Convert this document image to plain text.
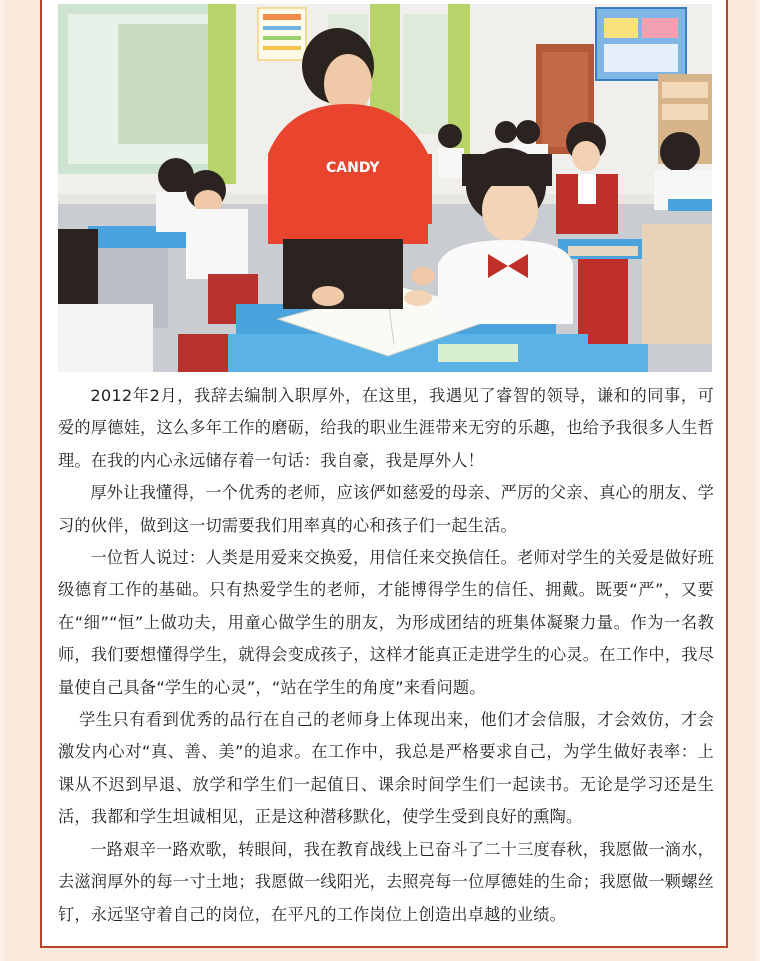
CANDY

2012年2月，我辞去编制入职厚外，在这里，我遇见了睿智的领导，谦和的同事，可爱的厚德娃，这么多年工作的磨砺，给我的职业生涯带来无穷的乐趣，也给予我很多人生哲理。在我的内心永远储存着一句话：我自豪，我是厚外人！

厚外让我懂得，一个优秀的老师，应该俨如慈爱的母亲、严厉的父亲、真心的朋友、学习的伙伴，做到这一切需要我们用率真的心和孩子们一起生活。

一位哲人说过：人类是用爱来交换爱，用信任来交换信任。老师对学生的关爱是做好班级德育工作的基础。只有热爱学生的老师，才能博得学生的信任、拥戴。既要“严”，又要在“细”“恒”上做功夫，用童心做学生的朋友，为形成团结的班集体凝聚力量。作为一名教师，我们要想懂得学生，就得会变成孩子，这样才能真正走进学生的心灵。在工作中，我尽量使自己具备“学生的心灵”，“站在学生的角度”来看问题。

学生只有看到优秀的品行在自己的老师身上体现出来，他们才会信服，才会效仿，才会激发内心对“真、善、美”的追求。在工作中，我总是严格要求自己，为学生做好表率：上课从不迟到早退、放学和学生们一起值日、课余时间学生们一起读书。无论是学习还是生活，我都和学生坦诚相见，正是这种潜移默化，使学生受到良好的熏陶。

一路艰辛一路欢歌，转眼间，我在教育战线上已奋斗了二十三度春秋，我愿做一滴水，去滋润厚外的每一寸土地；我愿做一线阳光，去照亮每一位厚德娃的生命；我愿做一颗螺丝钉，永远坚守着自己的岗位，在平凡的工作岗位上创造出卓越的业绩。
